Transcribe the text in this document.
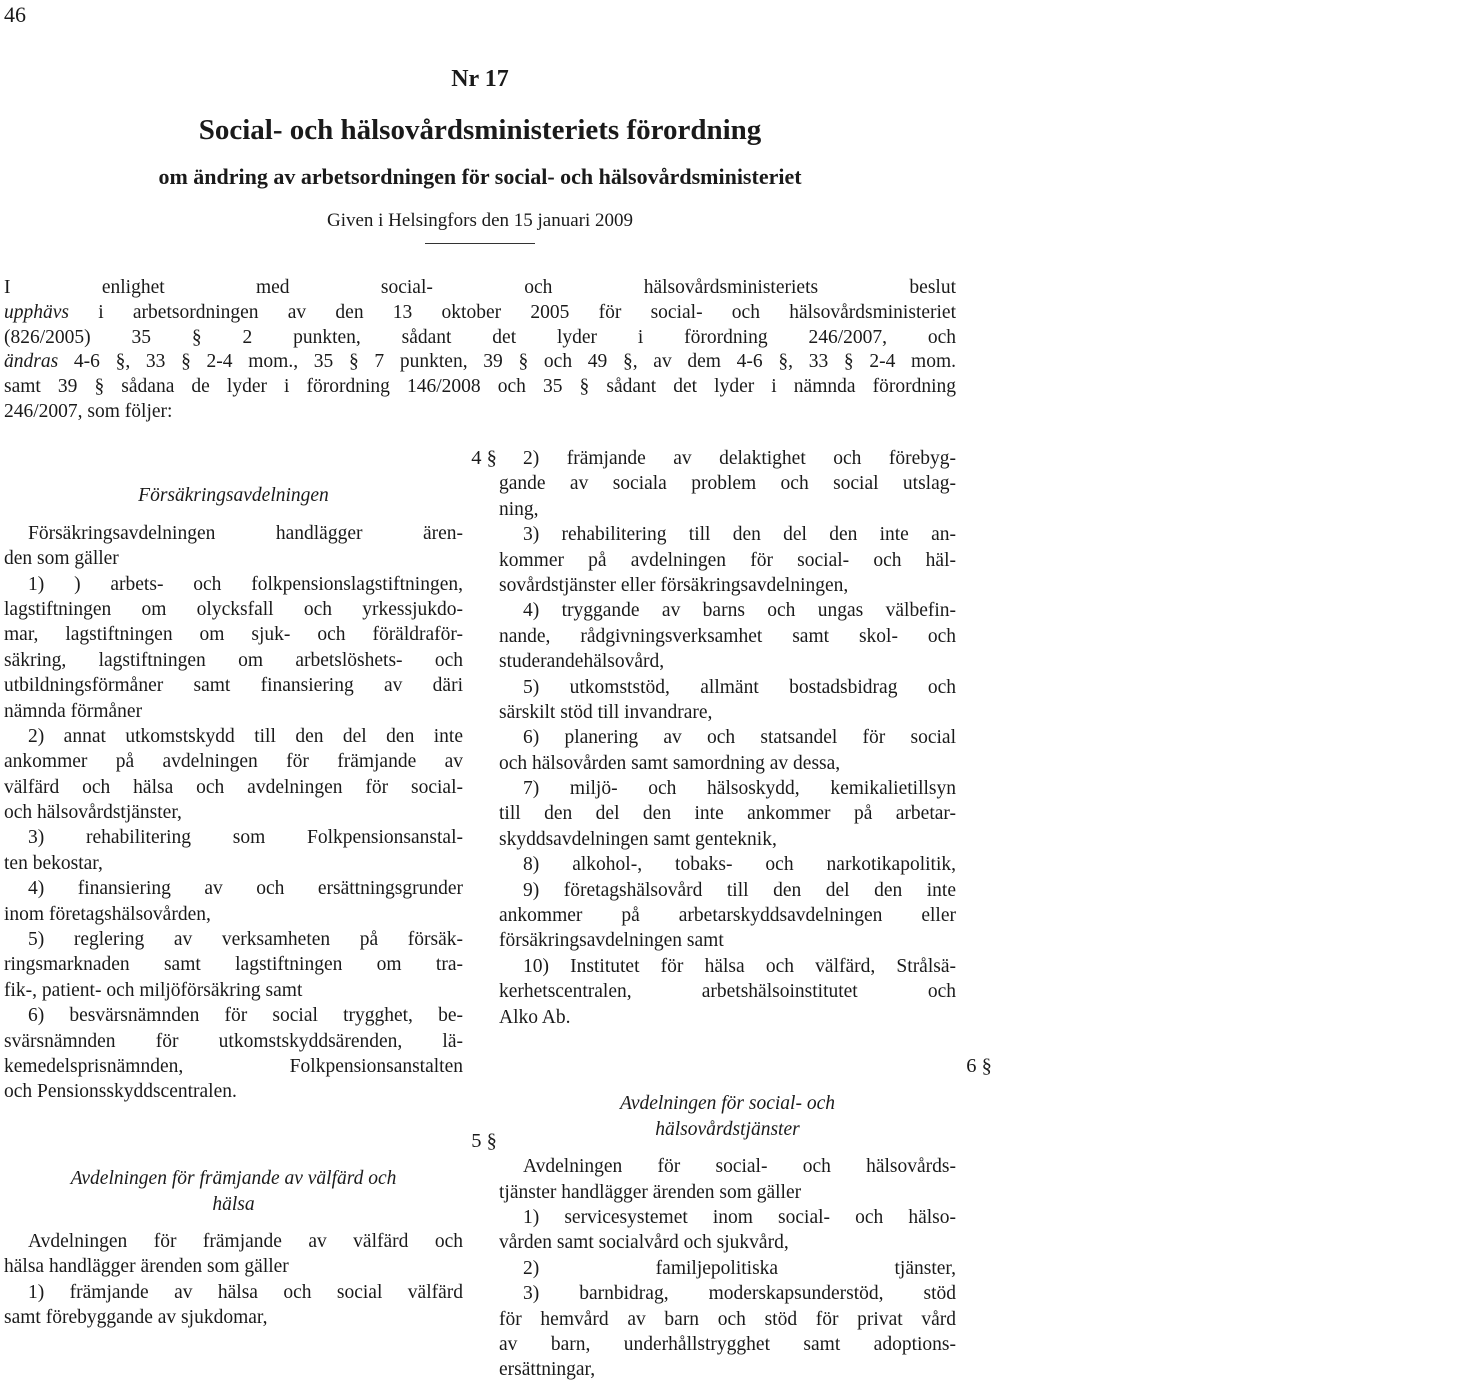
46
Nr 17
Social- och hälsovårdsministeriets förordning
om ändring av arbetsordningen för social- och hälsovårdsministeriet
Given i Helsingfors den 15 januari 2009
I enlighet med social- och hälsovårdsministeriets beslut
upphävs i arbetsordningen av den 13 oktober 2005 för social- och hälsovårdsministeriet
(826/2005) 35 § 2 punkten, sådant det lyder i förordning 246/2007, och
ändras 4-6 §, 33 § 2-4 mom., 35 § 7 punkten, 39 § och 49 §, av dem 4-6 §, 33 § 2-4 mom.
samt 39 § sådana de lyder i förordning 146/2008 och 35 § sådant det lyder i nämnda förordning
246/2007, som följer:
4 §
Försäkringsavdelningen
Försäkringsavdelningen handlägger ären-
den som gäller
1) ) arbets- och folkpensionslagstiftningen,
lagstiftningen om olycksfall och yrkessjukdo-
mar, lagstiftningen om sjuk- och föräldraför-
säkring, lagstiftningen om arbetslöshets- och
utbildningsförmåner samt finansiering av däri
nämnda förmåner
2) annat utkomstskydd till den del den inte
ankommer på avdelningen för främjande av
välfärd och hälsa och avdelningen för social-
och hälsovårdstjänster,
3) rehabilitering som Folkpensionsanstal-
ten bekostar,
4) finansiering av och ersättningsgrunder
inom företagshälsovården,
5) reglering av verksamheten på försäk-
ringsmarknaden samt lagstiftningen om tra-
fik-, patient- och miljöförsäkring samt
6) besvärsnämnden för social trygghet, be-
svärsnämnden för utkomstskyddsärenden, lä-
kemedelsprisnämnden, Folkpensionsanstalten
och Pensionsskyddscentralen.
5 §
Avdelningen för främjande av välfärd och
hälsa
Avdelningen för främjande av välfärd och
hälsa handlägger ärenden som gäller
1) främjande av hälsa och social välfärd
samt förebyggande av sjukdomar,
2) främjande av delaktighet och förebyg-
gande av sociala problem och social utslag-
ning,
3) rehabilitering till den del den inte an-
kommer på avdelningen för social- och häl-
sovårdstjänster eller försäkringsavdelningen,
4) tryggande av barns och ungas välbefin-
nande, rådgivningsverksamhet samt skol- och
studerandehälsovård,
5) utkomststöd, allmänt bostadsbidrag och
särskilt stöd till invandrare,
6) planering av och statsandel för social
och hälsovården samt samordning av dessa,
7) miljö- och hälsoskydd, kemikalietillsyn
till den del den inte ankommer på arbetar-
skyddsavdelningen samt genteknik,
8) alkohol-, tobaks- och narkotikapolitik,
9) företagshälsovård till den del den inte
ankommer på arbetarskyddsavdelningen eller
försäkringsavdelningen samt
10) Institutet för hälsa och välfärd, Strålsä-
kerhetscentralen, arbetshälsoinstitutet och
Alko Ab.
6 §
Avdelningen för social- och
hälsovårdstjänster
Avdelningen för social- och hälsovårds-
tjänster handlägger ärenden som gäller
1) servicesystemet inom social- och hälso-
vården samt socialvård och sjukvård,
2) familjepolitiska tjänster,
3) barnbidrag, moderskapsunderstöd, stöd
för hemvård av barn och stöd för privat vård
av barn, underhållstrygghet samt adoptions-
ersättningar,
